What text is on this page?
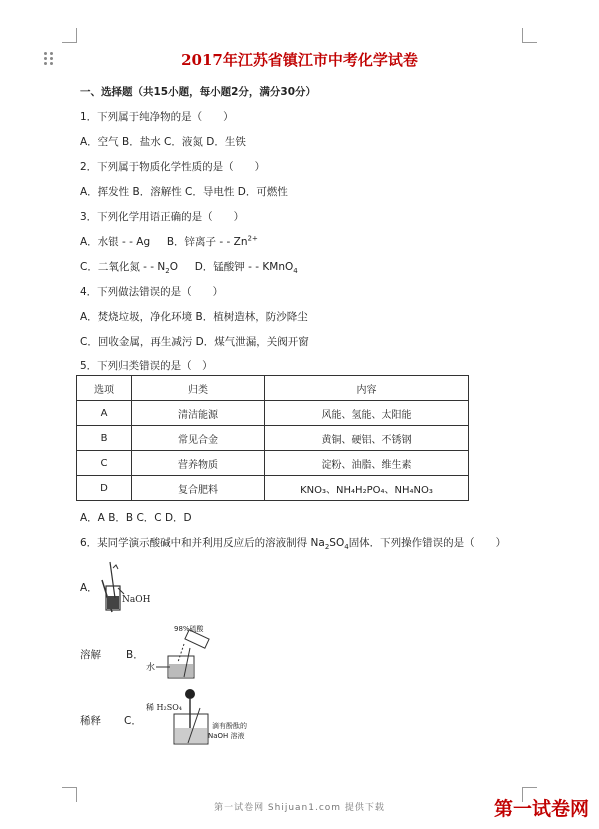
2017年江苏省镇江市中考化学试卷
一、选择题（共15小题，每小题2分，满分30分）
1．下列属于纯净物的是（　　）
A．空气 B．盐水 C．液氮 D．生铁
2．下列属于物质化学性质的是（　　）
A．挥发性 B．溶解性 C．导电性 D．可燃性
3．下列化学用语正确的是（　　）
A．水银 - - Ag B．锌离子 - - $Zn^{2+}$
C．二氧化氮 - - $N_2O$ D．锰酸钾 - - KMnO$_4$
4．下列做法错误的是（　　）
A．焚烧垃圾，净化环境 B．植树造林，防沙降尘
C．回收金属，再生减污 D．煤气泄漏，关阀开窗
5．下列归类错误的是（　）
选项	归类	内容
A	清洁能源	风能、氢能、太阳能
B	常见合金	黄铜、硬铝、不锈钢
C	营养物质	淀粉、油脂、维生素
D	复合肥料	KNO₃、NH₄H₂PO₄、NH₄NO₃
A．A B．B C．C D．D
6．某同学演示酸碱中和并利用反应后的溶液制得 $Na_2SO_4$固体．下列操作错误的是（　　）
A．
NaOH
溶解 B．
98%硫酸
水
稀释 C．
稀 H₂SO₄
滴有酚酞的
NaOH 溶液
第一试卷网 Shijuan1.com 提供下载	第一试卷网
